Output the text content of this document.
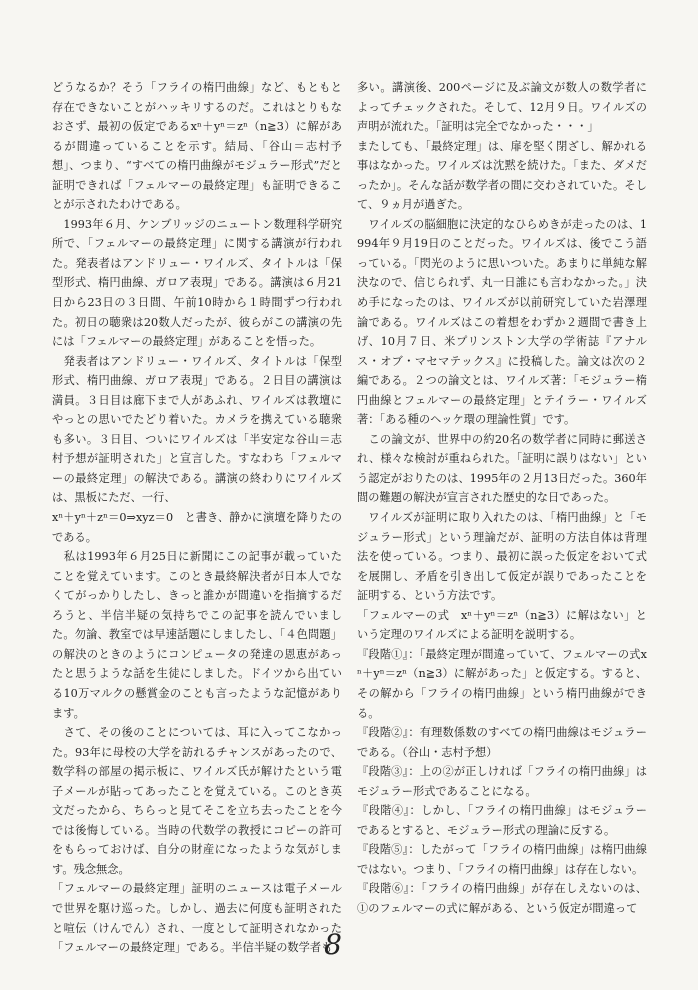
どうなるか？そう「フライの楕円曲線」など、もともと存在できないことがハッキリするのだ。これはとりもなおさず、最初の仮定であるxⁿ＋yⁿ＝zⁿ（n≧3）に解があるが間違っていることを示す。結局、「谷山＝志村予想」、つまり、“すべての楕円曲線がモジュラー形式”だと証明できれば「フェルマーの最終定理」も証明できることが示されたわけである。

　1993年６月、ケンブリッジのニュートン数理科学研究所で、「フェルマーの最終定理」に関する講演が行われた。発表者はアンドリュー・ワイルズ、タイトルは「保型形式、楕円曲線、ガロア表現」である。講演は６月21日から23日の３日間、午前10時から１時間ずつ行われた。初日の聴衆は20数人だったが、彼らがこの講演の先には「フェルマーの最終定理」があることを悟った。

　発表者はアンドリュー・ワイルズ、タイトルは「保型形式、楕円曲線、ガロア表現」である。２日目の講演は満員。３日目は廊下まで人があふれ、ワイルズは教壇にやっとの思いでたどり着いた。カメラを携えている聴衆も多い。３日目、ついにワイルズは「半安定な谷山＝志村予想が証明された」と宣言した。すなわち「フェルマーの最終定理」の解決である。講演の終わりにワイルズは、黒板にただ、一行、

xⁿ＋yⁿ＋zⁿ＝0⇒xyz＝0　と書き、静かに演壇を降りたのである。

　私は1993年６月25日に新聞にこの記事が載っていたことを覚えています。このとき最終解決者が日本人でなくてがっかりしたし、きっと誰かが間違いを指摘するだろうと、半信半疑の気持ちでこの記事を読んでいました。勿論、教室では早速話題にしましたし、「４色問題」の解決のときのようにコンピュータの発達の恩恵があったと思うような話を生徒にしました。ドイツから出ている10万マルクの懸賞金のことも言ったような記憶があります。

　さて、その後のことについては、耳に入ってこなかった。93年に母校の大学を訪れるチャンスがあったので、数学科の部屋の掲示板に、ワイルズ氏が解けたという電子メールが貼ってあったことを覚えている。このとき英文だったから、ちらっと見てそこを立ち去ったことを今では後悔している。当時の代数学の教授にコピーの許可をもらっておけば、自分の財産になったような気がします。残念無念。

「フェルマーの最終定理」証明のニュースは電子メールで世界を駆け巡った。しかし、過去に何度も証明されたと喧伝（けんでん）され、一度として証明されなかった「フェルマーの最終定理」である。半信半疑の数学者も

多い。講演後、200ページに及ぶ論文が数人の数学者によってチェックされた。そして、12月９日。ワイルズの声明が流れた。「証明は完全でなかった・・・」

またしても、「最終定理」は、扉を堅く閉ざし、解かれる事はなかった。ワイルズは沈黙を続けた。「また、ダメだったか」。そんな話が数学者の間に交わされていた。そして、９ヵ月が過ぎた。

　ワイルズの脳細胞に決定的なひらめきが走ったのは、1994年９月19日のことだった。ワイルズは、後でこう語っている。「閃光のように思いついた。あまりに単純な解決なので、信じられず、丸一日誰にも言わなかった。」決め手になったのは、ワイルズが以前研究していた岩澤理論である。ワイルズはこの着想をわずか２週間で書き上げ、10月７日、米プリンストン大学の学術誌『アナルス・オブ・マセマテックス』に投稿した。論文は次の２編である。２つの論文とは、ワイルズ著：「モジュラー楕円曲線とフェルマーの最終定理」とテイラー・ワイルズ著：「ある種のヘッケ環の理論性質」です。

　この論文が、世界中の約20名の数学者に同時に郵送され、様々な検討が重ねられた。「証明に誤りはない」という認定がおりたのは、1995年の２月13日だった。360年間の難題の解決が宣言された歴史的な日であった。

　ワイルズが証明に取り入れたのは、「楕円曲線」と「モジュラー形式」という理論だが、証明の方法自体は背理法を使っている。つまり、最初に誤った仮定をおいて式を展開し、矛盾を引き出して仮定が誤りであったことを証明する、という方法です。

「フェルマーの式　xⁿ＋yⁿ＝zⁿ（n≧3）に解はない」という定理のワイルズによる証明を説明する。

『段階①』：「最終定理が間違っていて、フェルマーの式xⁿ＋yⁿ＝zⁿ（n≧3）に解があった」と仮定する。すると、その解から「フライの楕円曲線」という楕円曲線ができる。

『段階②』：有理数係数のすべての楕円曲線はモジュラーである。（谷山・志村予想）

『段階③』：上の②が正しければ「フライの楕円曲線」はモジュラー形式であることになる。

『段階④』：しかし、「フライの楕円曲線」はモジュラーであるとすると、モジュラー形式の理論に反する。

『段階⑤』：したがって「フライの楕円曲線」は楕円曲線ではない。つまり、「フライの楕円曲線」は存在しない。

『段階⑥』：「フライの楕円曲線」が存在しえないのは、①のフェルマーの式に解がある、という仮定が間違って

8
